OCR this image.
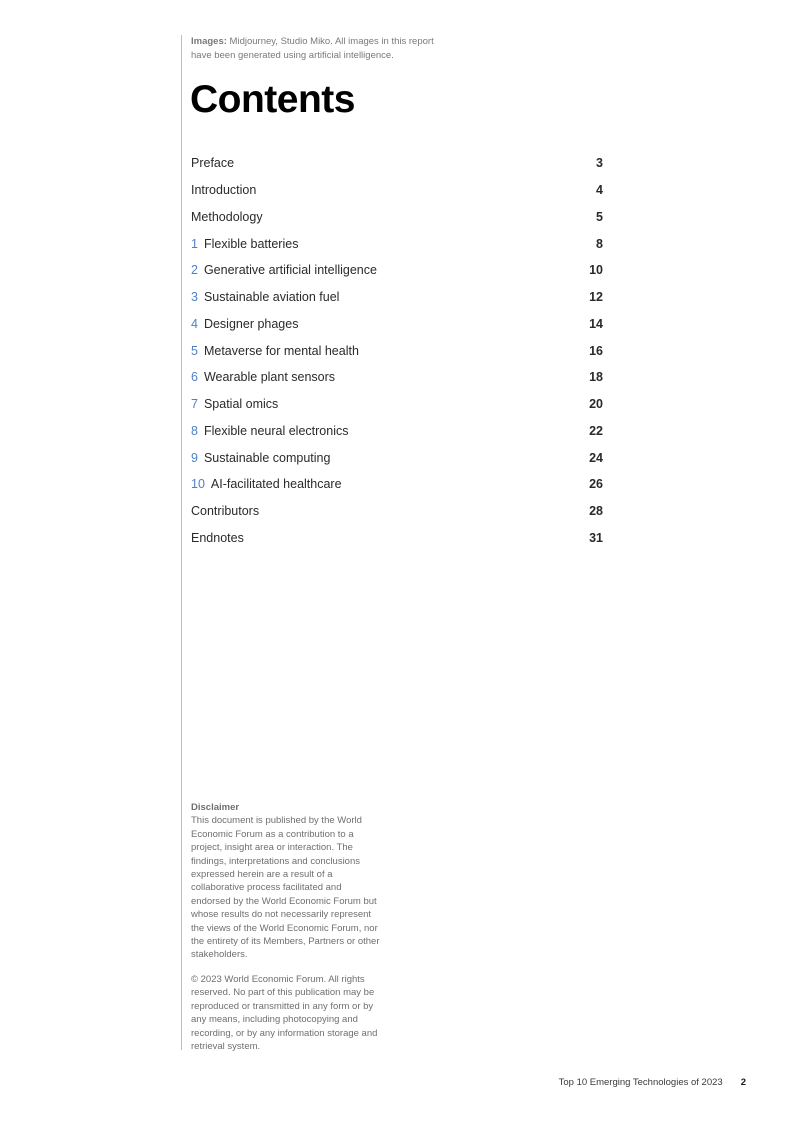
Images: Midjourney, Studio Miko. All images in this report have been generated using artificial intelligence.
Contents
Preface	3
Introduction	4
Methodology	5
1 Flexible batteries	8
2 Generative artificial intelligence	10
3 Sustainable aviation fuel	12
4 Designer phages	14
5 Metaverse for mental health	16
6 Wearable plant sensors	18
7 Spatial omics	20
8 Flexible neural electronics	22
9 Sustainable computing	24
10 AI-facilitated healthcare	26
Contributors	28
Endnotes	31

Disclaimer

This document is published by the World Economic Forum as a contribution to a project, insight area or interaction. The findings, interpretations and conclusions expressed herein are a result of a collaborative process facilitated and endorsed by the World Economic Forum but whose results do not necessarily represent the views of the World Economic Forum, nor the entirety of its Members, Partners or other stakeholders.

© 2023 World Economic Forum. All rights reserved. No part of this publication may be reproduced or transmitted in any form or by any means, including photocopying and recording, or by any information storage and retrieval system.

Top 10 Emerging Technologies of 2023 2
